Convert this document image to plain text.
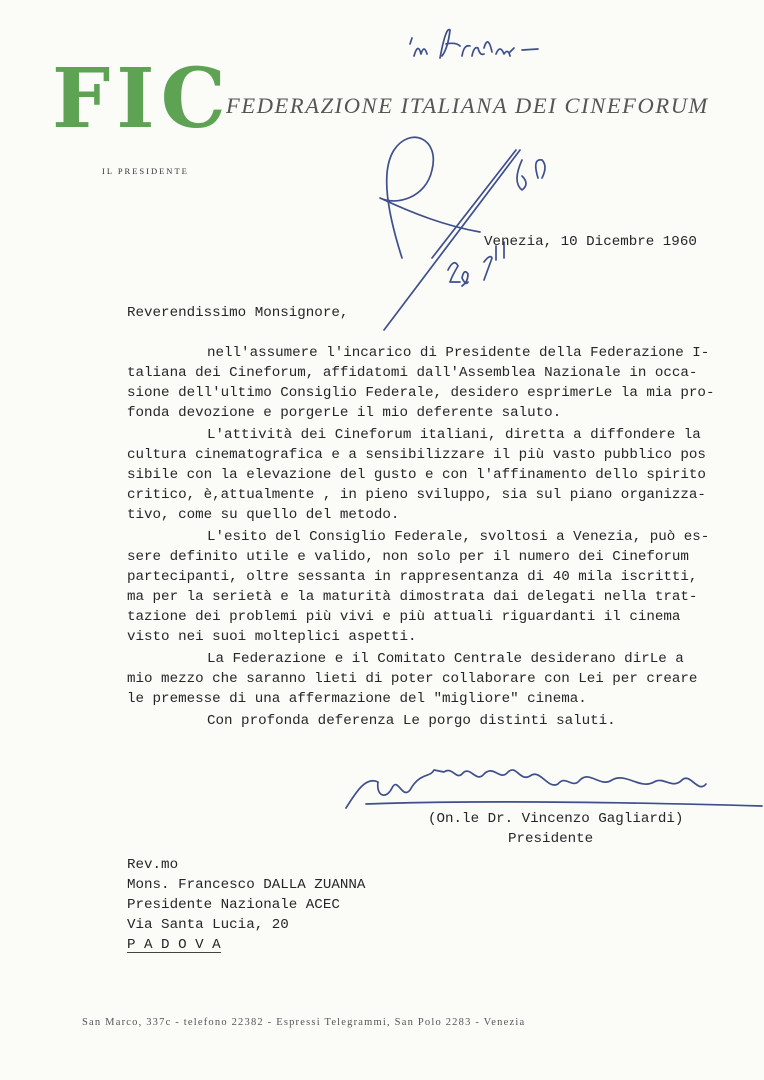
FIC
FEDERAZIONE ITALIANA DEI CINEFORUM
IL PRESIDENTE
Venezia, 10 Dicembre 1960
Reverendissimo Monsignore,
nell'assumere l'incarico di Presidente della Federazione I-
taliana dei Cineforum, affidatomi dall'Assemblea Nazionale in occa-
sione dell'ultimo Consiglio Federale, desidero esprimerLe la mia pro-
fonda devozione e porgerLe il mio deferente saluto.
L'attività dei Cineforum italiani, diretta a diffondere la
cultura cinematografica e a sensibilizzare il più vasto pubblico pos
sibile con la elevazione del gusto e con l'affinamento dello spirito
critico, è,attualmente , in pieno sviluppo, sia sul piano organizza-
tivo, come su quello del metodo.
L'esito del Consiglio Federale, svoltosi a Venezia, può es-
sere definito utile e valido, non solo per il numero dei Cineforum
partecipanti, oltre sessanta in rappresentanza di 40 mila iscritti,
ma per la serietà e la maturità dimostrata dai delegati nella trat-
tazione dei problemi più vivi e più attuali riguardanti il cinema
visto nei suoi molteplici aspetti.
La Federazione e il Comitato Centrale desiderano dirLe a
mio mezzo che saranno lieti di poter collaborare con Lei per creare
le premesse di una affermazione del "migliore" cinema.
Con profonda deferenza Le porgo distinti saluti.
(On.le Dr. Vincenzo Gagliardi)
Presidente
Rev.mo
Mons. Francesco DALLA ZUANNA
Presidente Nazionale ACEC
Via Santa Lucia, 20
P A D O V A
San Marco, 337c - telefono 22382 - Espressi Telegrammi, San Polo 2283 - Venezia
